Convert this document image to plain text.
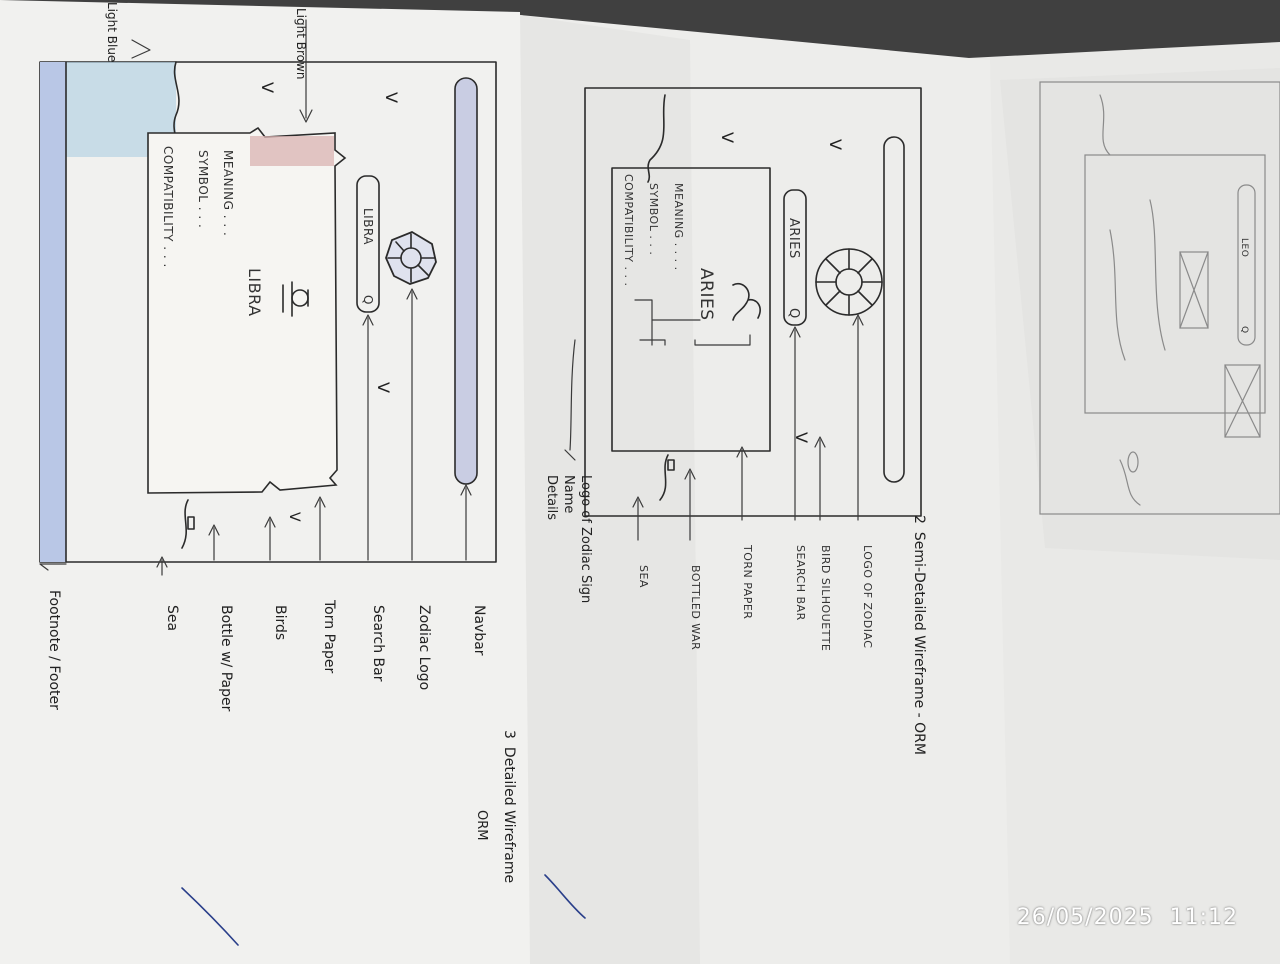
LEO
Q
V
V
V
ARIES
Q
MEANING . . . .
SYMBOL . . .
COMPATIBILITY . . .
ARIES
2Semi-Detailed Wireframe - ORM
LOGO OF ZODIAC
BIRD SILHOUETTE
SEARCH BAR
TORN PAPER
BOTTLED WAR
SEA
Logo of Zodiac Sign
Name
Details
V
V
V
V
LIBRA
Q
MEANING . . .
SYMBOL . . .
COMPATIBILITY . . .
LIBRA
3Detailed Wireframe
ORM
Navbar
Zodiac Logo
Search Bar
Torn Paper
Birds
Bottle w/ Paper
Sea
Footnote / Footer
Light Brown
Light Blue
26/05/2025 11:12
